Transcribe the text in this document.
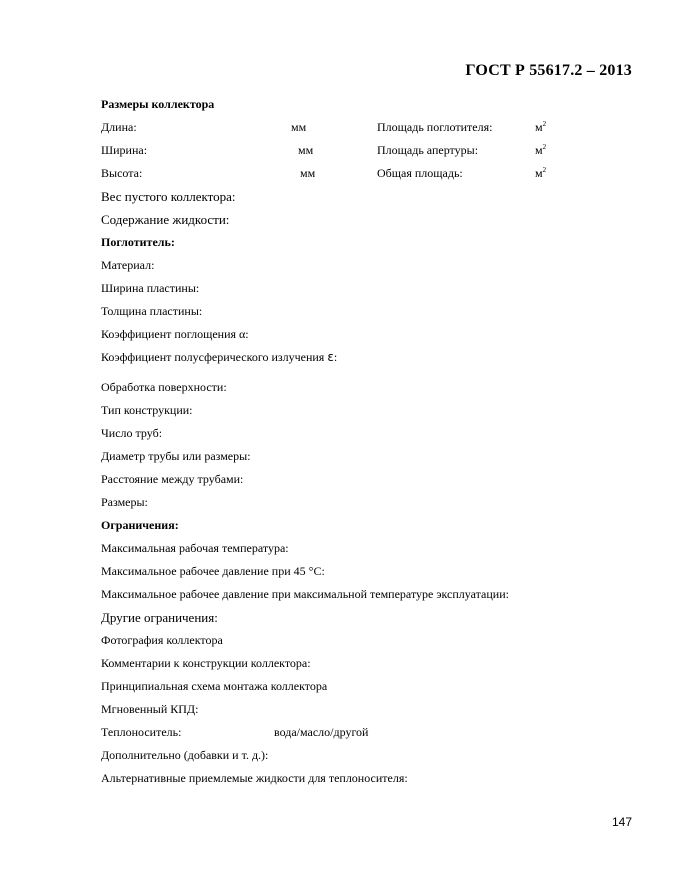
ГОСТ Р 55617.2 – 2013
Размеры коллектора
Длина:	мм	Площадь поглотителя:	$м^2$
Ширина:	мм	Площадь апертуры:	$м^2$
Высота:	мм	Общая площадь:	$м^2$
Вес пустого коллектора:
Содержание жидкости:
Поглотитель:
Материал:
Ширина пластины:
Толщина пластины:
Коэффициент поглощения α:
Коэффициент полусферического излучения ε:
Обработка поверхности:
Тип конструкции:
Число труб:
Диаметр трубы или размеры:
Расстояние между трубами:
Размеры:
Ограничения:
Максимальная рабочая температура:
Максимальное рабочее давление при 45 °С:
Максимальное рабочее давление при максимальной температуре эксплуатации:
Другие ограничения:
Фотография коллектора
Комментарии к конструкции коллектора:
Принципиальная схема монтажа коллектора
Мгновенный КПД:
Теплоноситель:	вода/масло/другой
Дополнительно (добавки и т. д.):
Альтернативные приемлемые жидкости для теплоносителя:
147
